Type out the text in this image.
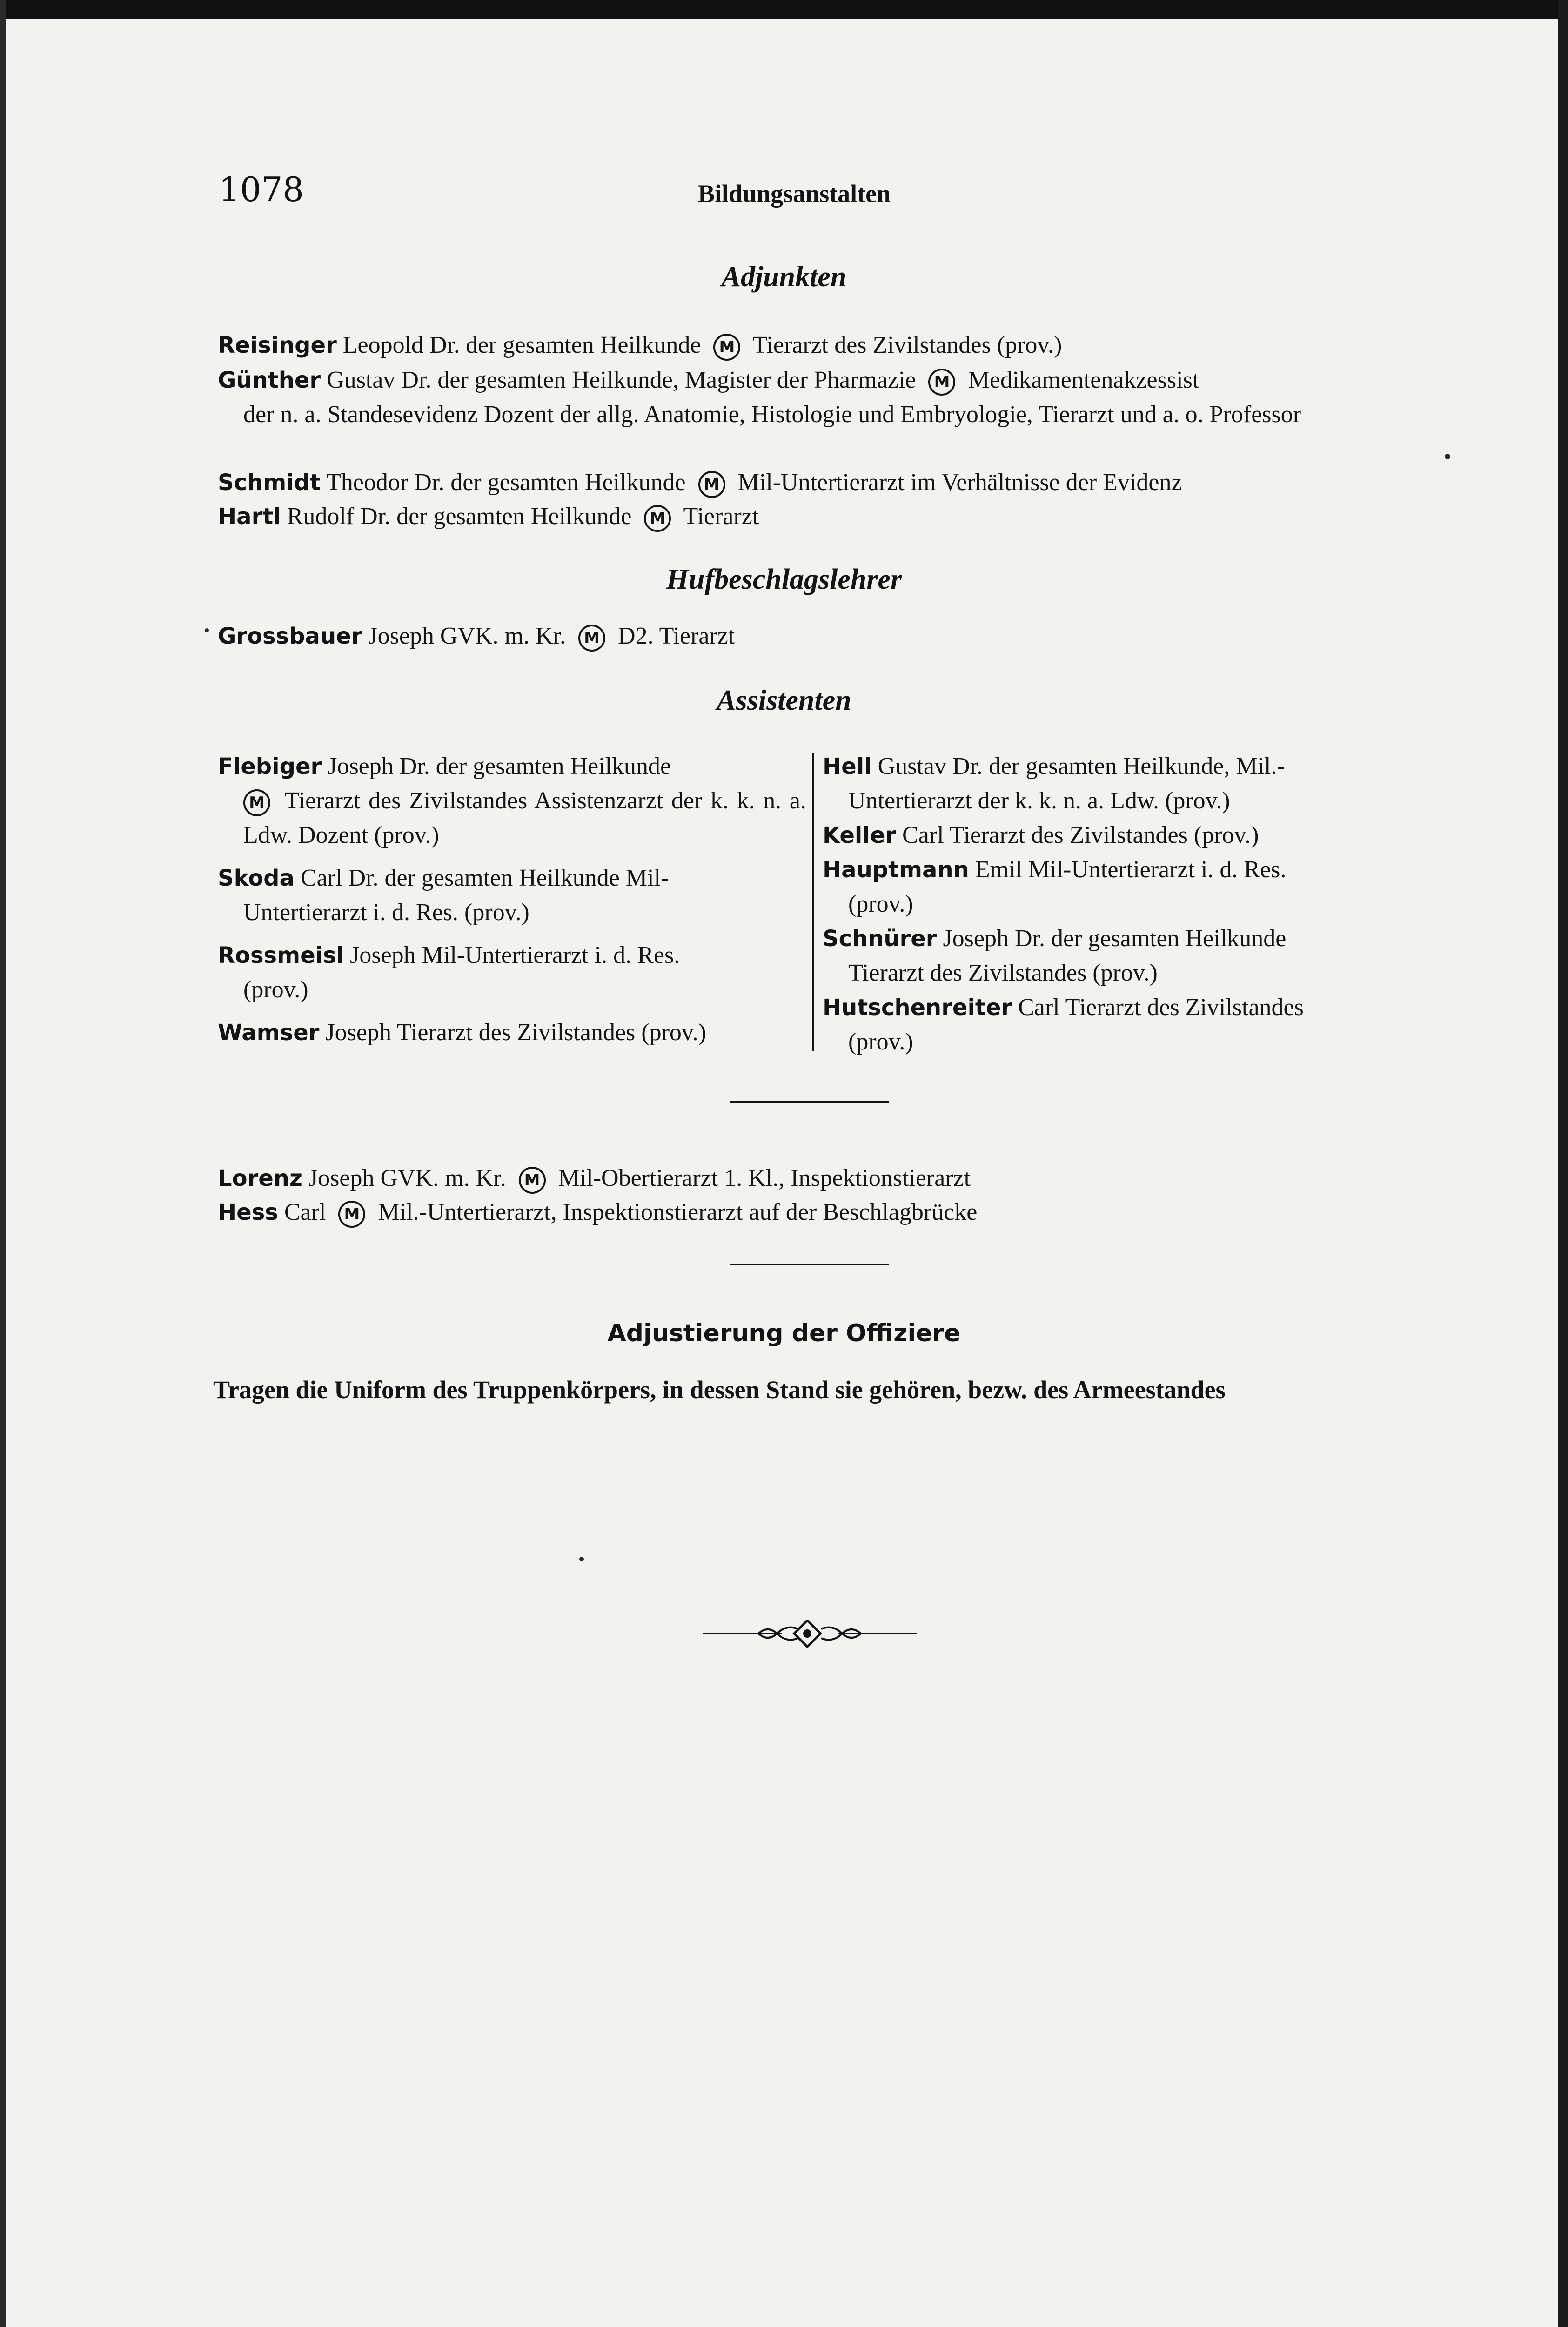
1078	Bildungsanstalten
Adjunkten
Reisinger Leopold Dr. der gesamten Heilkunde M Tierarzt des Zivilstandes (prov.)
Günther Gustav Dr. der gesamten Heilkunde, Magister der Pharmazie M Medikamentenakzessist
der n. a. Standesevidenz Dozent der allg. Anatomie, Histologie und Embryologie, Tierarzt und a. o. Professor
Schmidt Theodor Dr. der gesamten Heilkunde M Mil-Untertierarzt im Verhältnisse der Evidenz
Hartl Rudolf Dr. der gesamten Heilkunde M Tierarzt
Hufbeschlagslehrer
Grossbauer Joseph GVK. m. Kr. M D2. Tierarzt
Assistenten
Flebiger Joseph Dr. der gesamten Heilkunde
M Tierarzt des Zivilstandes Assistenzarzt der k. k. n. a. Ldw. Dozent (prov.)
Skoda Carl Dr. der gesamten Heilkunde Mil-
Untertierarzt i. d. Res. (prov.)
Rossmeisl Joseph Mil-Untertierarzt i. d. Res.
(prov.)
Wamser Joseph Tierarzt des Zivilstandes (prov.)
Hell Gustav Dr. der gesamten Heilkunde, Mil.-
Untertierarzt der k. k. n. a. Ldw. (prov.)
Keller Carl Tierarzt des Zivilstandes (prov.)
Hauptmann Emil Mil-Untertierarzt i. d. Res.
(prov.)
Schnürer Joseph Dr. der gesamten Heilkunde
Tierarzt des Zivilstandes (prov.)
Hutschenreiter Carl Tierarzt des Zivilstandes
(prov.)
Lorenz Joseph GVK. m. Kr. M Mil-Obertierarzt 1. Kl., Inspektionstierarzt
Hess Carl M Mil.-Untertierarzt, Inspektionstierarzt auf der Beschlagbrücke
Adjustierung der Offiziere
Tragen die Uniform des Truppenkörpers, in dessen Stand sie gehören, bezw. des Armeestandes
